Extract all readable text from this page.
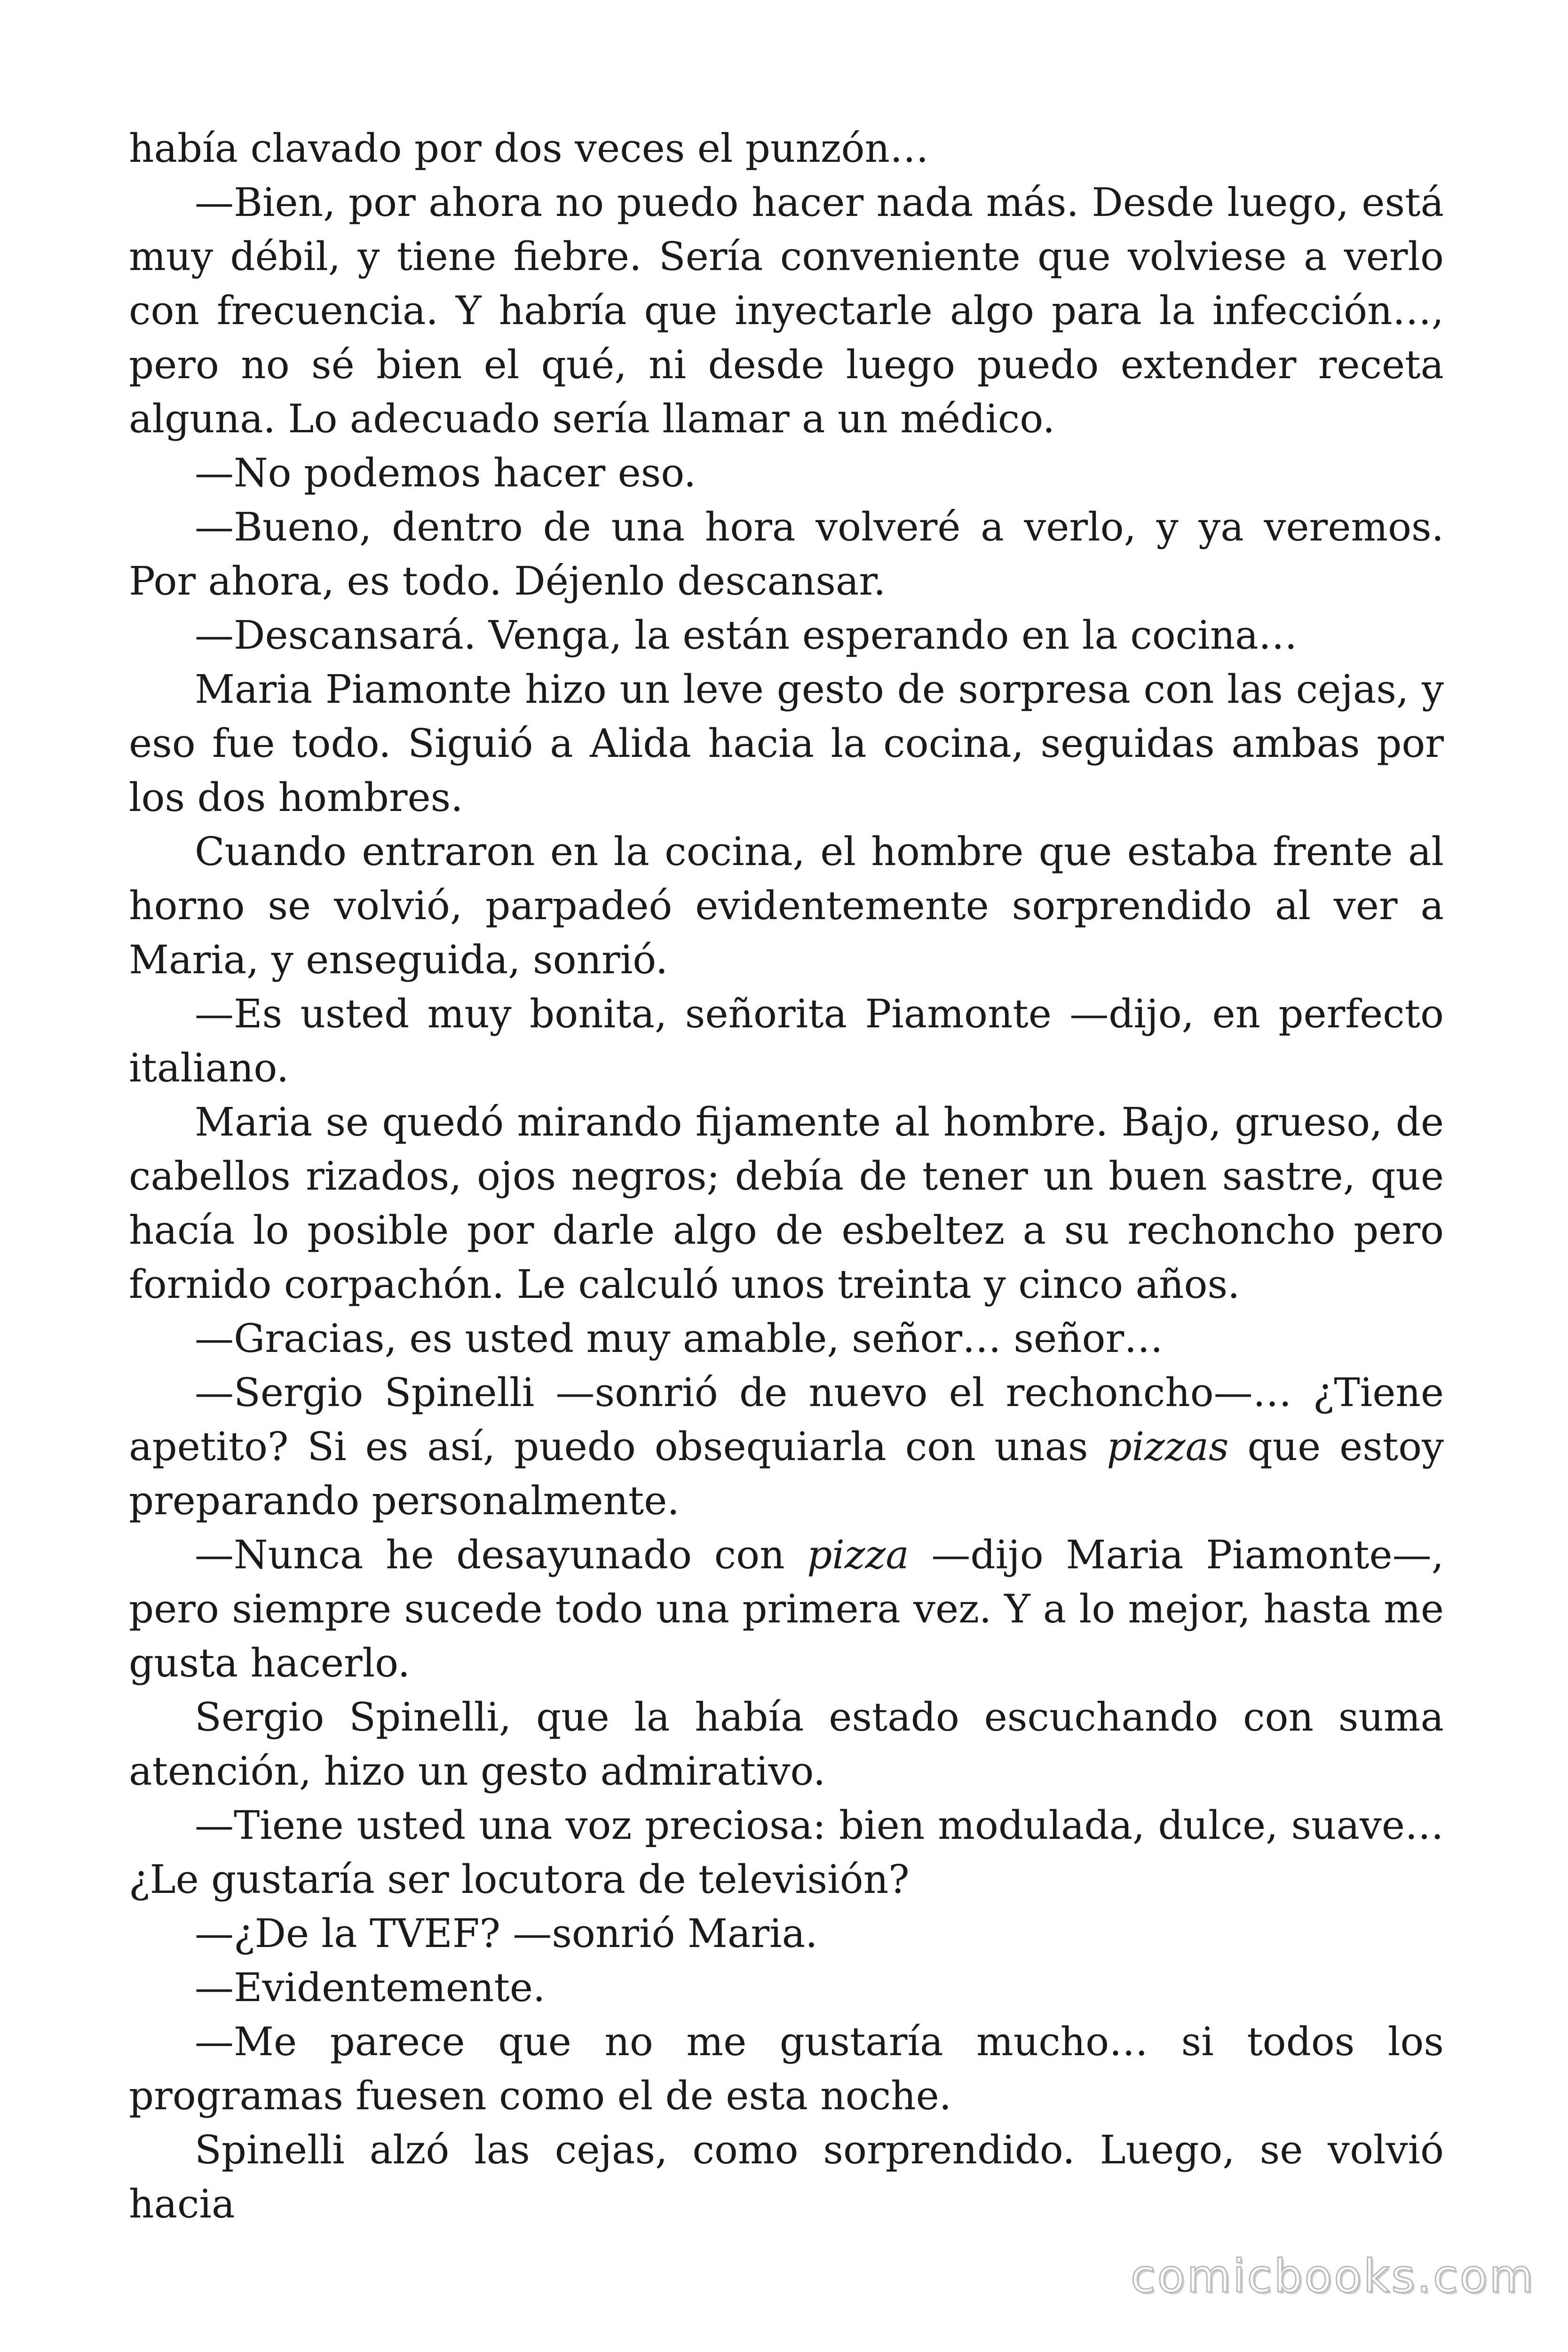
había clavado por dos veces el punzón…

—Bien, por ahora no puedo hacer nada más. Desde luego, está muy débil, y tiene fiebre. Sería conveniente que volviese a verlo con frecuencia. Y habría que inyectarle algo para la infección…, pero no sé bien el qué, ni desde luego puedo extender receta alguna. Lo adecuado sería llamar a un médico.

—No podemos hacer eso.

—Bueno, dentro de una hora volveré a verlo, y ya veremos. Por ahora, es todo. Déjenlo descansar.

—Descansará. Venga, la están esperando en la cocina…

Maria Piamonte hizo un leve gesto de sorpresa con las cejas, y eso fue todo. Siguió a Alida hacia la cocina, seguidas ambas por los dos hombres.

Cuando entraron en la cocina, el hombre que estaba frente al horno se volvió, parpadeó evidentemente sorprendido al ver a Maria, y enseguida, sonrió.

—Es usted muy bonita, señorita Piamonte —dijo, en perfecto italiano.

Maria se quedó mirando fijamente al hombre. Bajo, grueso, de cabellos rizados, ojos negros; debía de tener un buen sastre, que hacía lo posible por darle algo de esbeltez a su rechoncho pero fornido corpachón. Le calculó unos treinta y cinco años.

—Gracias, es usted muy amable, señor… señor…

—Sergio Spinelli —sonrió de nuevo el rechoncho—… ¿Tiene apetito? Si es así, puedo obsequiarla con unas pizzas que estoy preparando personalmente.

—Nunca he desayunado con pizza —dijo Maria Piamonte—, pero siempre sucede todo una primera vez. Y a lo mejor, hasta me gusta hacerlo.

Sergio Spinelli, que la había estado escuchando con suma atención, hizo un gesto admirativo.

—Tiene usted una voz preciosa: bien modulada, dulce, suave… ¿Le gustaría ser locutora de televisión?

—¿De la TVEF? —sonrió Maria.

—Evidentemente.

—Me parece que no me gustaría mucho… si todos los programas fuesen como el de esta noche.

Spinelli alzó las cejas, como sorprendido. Luego, se volvió hacia

comicbooks.com
